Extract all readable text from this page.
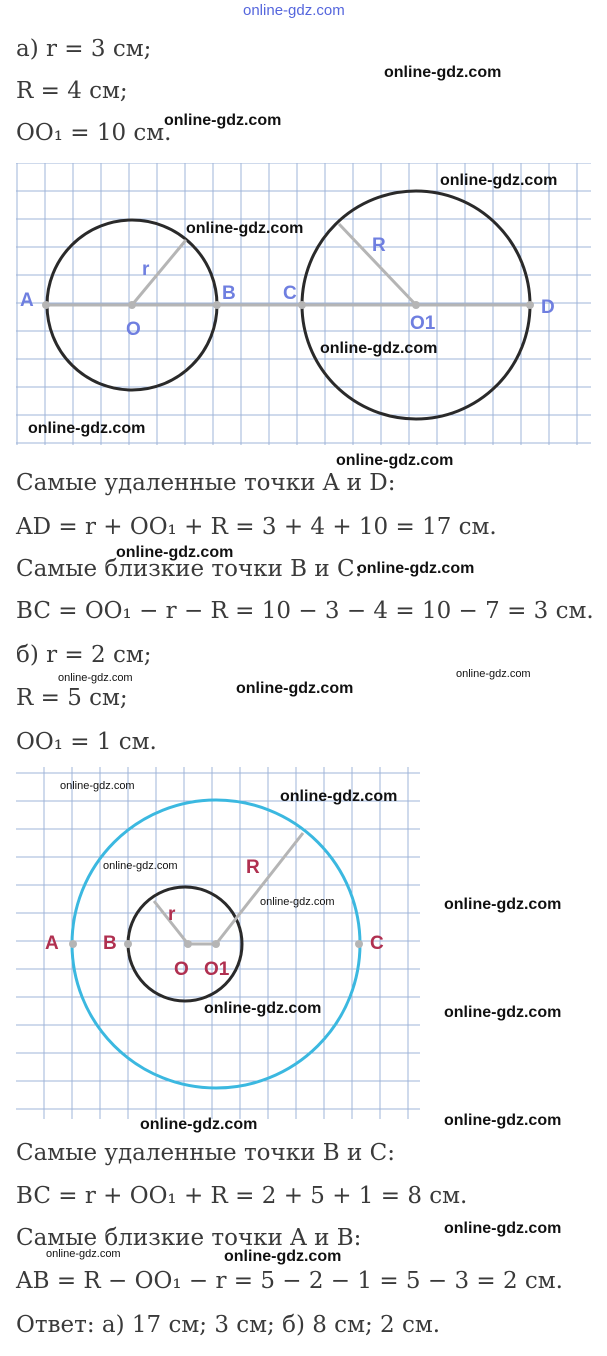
online-gdz.com
а) r = 3 см;
R = 4 см;
OO₁ = 10 см.
A	B C
D
O	O1
r
R
Самые удаленные точки A и D:
AD = r + OO₁ + R = 3 + 4 + 10 = 17 см.
Самые близкие точки B и C:
BC = OO₁ − r − R = 10 − 3 − 4 = 10 − 7 = 3 см.
б) r = 2 см;
R = 5 см;
OO₁ = 1 см.
A B	C
O O1
r
R
Самые удаленные точки B и C:
BC = r + OO₁ + R = 2 + 5 + 1 = 8 см.
Самые близкие точки A и B:
AB = R − OO₁ − r = 5 − 2 − 1 = 5 − 3 = 2 см.
Ответ: а) 17 см; 3 см; б) 8 см; 2 см.
online-gdz.com
online-gdz.com
online-gdz.com
online-gdz.com
online-gdz.com
online-gdz.com
online-gdz.com
online-gdz.com
online-gdz.com
online-gdz.com
online-gdz.com	online-gdz.com
online-gdz.com
online-gdz.com
online-gdz.com
online-gdz.com	online-gdz.com
online-gdz.com	online-gdz.com
online-gdz.com	online-gdz.com
online-gdz.com
online-gdz.com	online-gdz.com
